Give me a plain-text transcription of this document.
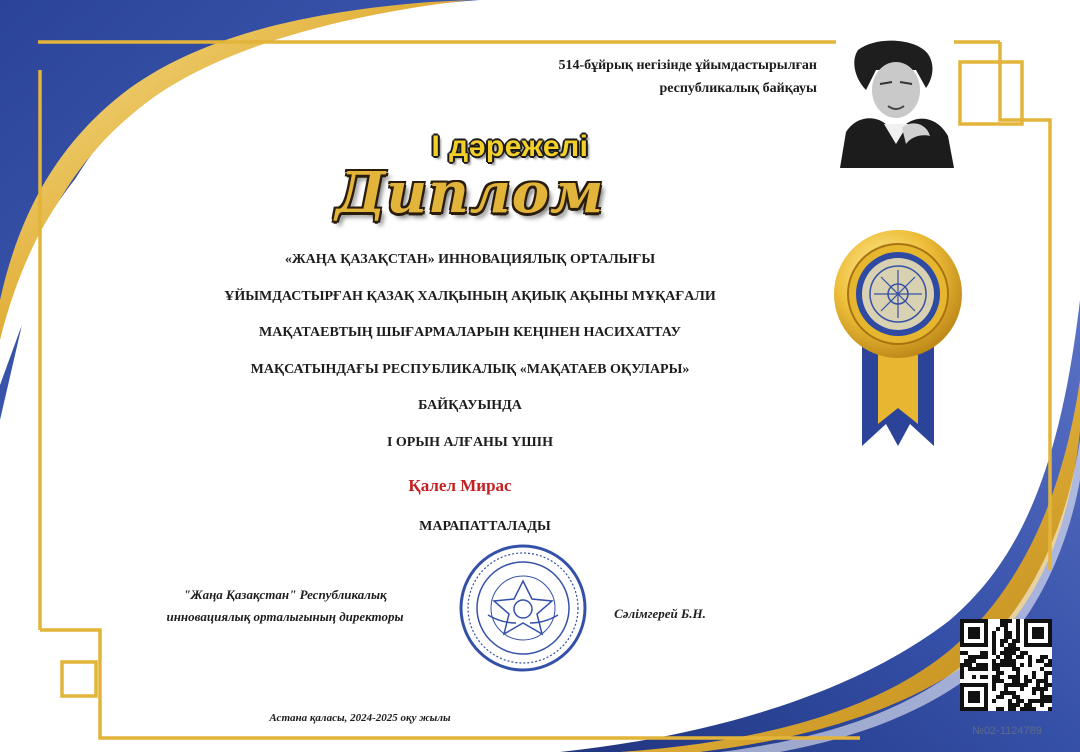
514-бұйрық негізінде ұйымдастырылған
республикалық байқауы
I дәрежелі
Диплом
«ЖАҢА ҚАЗАҚСТАН» ИННОВАЦИЯЛЫҚ ОРТАЛЫҒЫ
ҰЙЫМДАСТЫРҒАН ҚАЗАҚ ХАЛҚЫНЫҢ АҚИЫҚ АҚЫНЫ МҰҚАҒАЛИ
МАҚАТАЕВТЫҢ ШЫҒАРМАЛАРЫН КЕҢІНЕН НАСИХАТТАУ
МАҚСАТЫНДАҒЫ РЕСПУБЛИКАЛЫҚ «МАҚАТАЕВ ОҚУЛАРЫ»
БАЙҚАУЫНДА
I ОРЫН АЛҒАНЫ ҮШІН
Қалел Мирас
МАРАПАТТАЛАДЫ
"Жаңа Қазақстан" Республикалық
инновациялық орталығының директоры	Сәлімгерей Б.Н.
№02-1124789
Астана қаласы, 2024-2025 оқу жылы
